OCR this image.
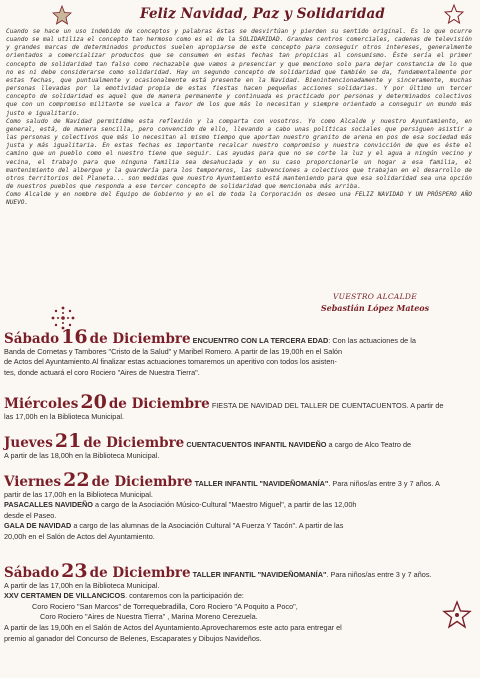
Feliz Navidad, Paz y Solidaridad

Cuando se hace un uso indebido de conceptos y palabras éstas se desvirtúan y pierden su sentido original. Es lo que ocurre cuando se mal utiliza el concepto tan hermoso como es el de la SOLIDARIDAD. Grandes centros comerciales, cadenas de televisión y grandes marcas de determinados productos suelen apropiarse de este concepto para conseguir otros intereses, generalmente orientados a comercializar productos que se consumen en estas fechas tan propicias al consumismo. Éste sería el primer concepto de solidaridad tan falso como rechazable que vamos a presenciar y que menciono solo para dejar constancia de lo que no es ni debe considerarse como solidaridad. Hay un segundo concepto de solidaridad que también se da, fundamentalmente por estas fechas, que puntualmente y ocasionalmente está presente en la Navidad. Bienintencionadamente y sinceramente, muchas personas llevadas por la emotividad propia de estas fiestas hacen pequeñas acciones solidarias. Y por último un tercer concepto de solidaridad es aquel que de manera permanente y continuada es practicado por personas y determinados colectivos que con un compromiso militante se vuelca a favor de los que más lo necesitan y siempre orientado a conseguir un mundo más justo e igualitario.

Como saludo de Navidad permitidme esta reflexión y la comparta con vosotros. Yo como Alcalde y nuestro Ayuntamiento, en general, está, de manera sencilla, pero convencido de ello, llevando a cabo unas políticas sociales que persiguen asistir a las personas y colectivos que más lo necesitan al mismo tiempo que aportan nuestro granito de arena en pos de esa sociedad más justa y más igualitaria. En estas fechas es importante recalcar nuestro compromiso y nuestra convicción de que es éste el camino que un pueblo como el nuestro tiene que seguir. Las ayudas para que no se corte la luz y el agua a ningún vecino y vecina, el trabajo para que ninguna familia sea desahuciada y en su caso proporcionarle un hogar a esa familia, el mantenimiento del albergue y la guardería para los temporeros, las subvenciones a colectivos que trabajan en el desarrollo de otros territorios del Planeta... son medidas que nuestro Ayuntamiento está manteniendo para que esa solidaridad sea una opción de nuestros pueblos que responda a ese tercer concepto de solidaridad que mencionaba más arriba.

Como Alcalde y en nombre del Equipo de Gobierno y en el de toda la Corporación os deseo una FELIZ NAVIDAD Y UN PRÓSPERO AÑO NUEVO.

VUESTRO ALCALDE
Sebastián López Mateos
Sábado 16 de Diciembre ENCUENTRO CON LA TERCERA EDAD: Con las actuaciones de la
Banda de Cornetas y Tambores "Cristo de la Salud" y Maribel Romero. A partir de las 19,00h en el Salón
de Actos del Ayuntamiento.Al finalizar estas actuaciones tomaremos un aperitivo con todos los asisten-
tes, donde actuará el coro Rociero "Aires de Nuestra Tierra".
Miércoles 20 de Diciembre FIESTA DE NAVIDAD DEL TALLER DE CUENTACUENTOS. A partir de
las 17,00h en la Biblioteca Municipal.
Jueves 21 de Diciembre CUENTACUENTOS INFANTIL NAVIDEÑO a cargo de Alco Teatro de
A partir de las 18,00h en la Biblioteca Municipal.
Viernes 22 de Diciembre TALLER INFANTIL "NAVIDEÑOMANÍA". Para niños/as entre 3 y 7 años. A
partir de las 17,00h en la Biblioteca Municipal.
PASACALLES NAVIDEÑO a cargo de la Asociación Músico-Cultural "Maestro Miguel", a partir de las 12,00h
desde el Paseo.
GALA DE NAVIDAD a cargo de las alumnas de la Asociación Cultural "A Fuerza Y Tacón". A partir de las
20,00h en el Salón de Actos del Ayuntamiento.
Sábado 23 de Diciembre TALLER INFANTIL "NAVIDEÑOMANÍA". Para niños/as entre 3 y 7 años.
A partir de las 17,00h en la Biblioteca Municipal.
XXV CERTAMEN DE VILLANCICOS. contaremos con la participación de:
Coro Rociero "San Marcos" de Torrequebradilla, Coro Rociero "A Poquito a Poco",
Coro Rociero "Aires de Nuestra Tierra" , Marina Moreno Cerezuela.
A partir de las 19,00h en el Salón de Actos del Ayuntamiento.Aprovecharemos este acto para entregar el
premio al ganador del Concurso de Belenes, Escaparates y Dibujos Navideños.
